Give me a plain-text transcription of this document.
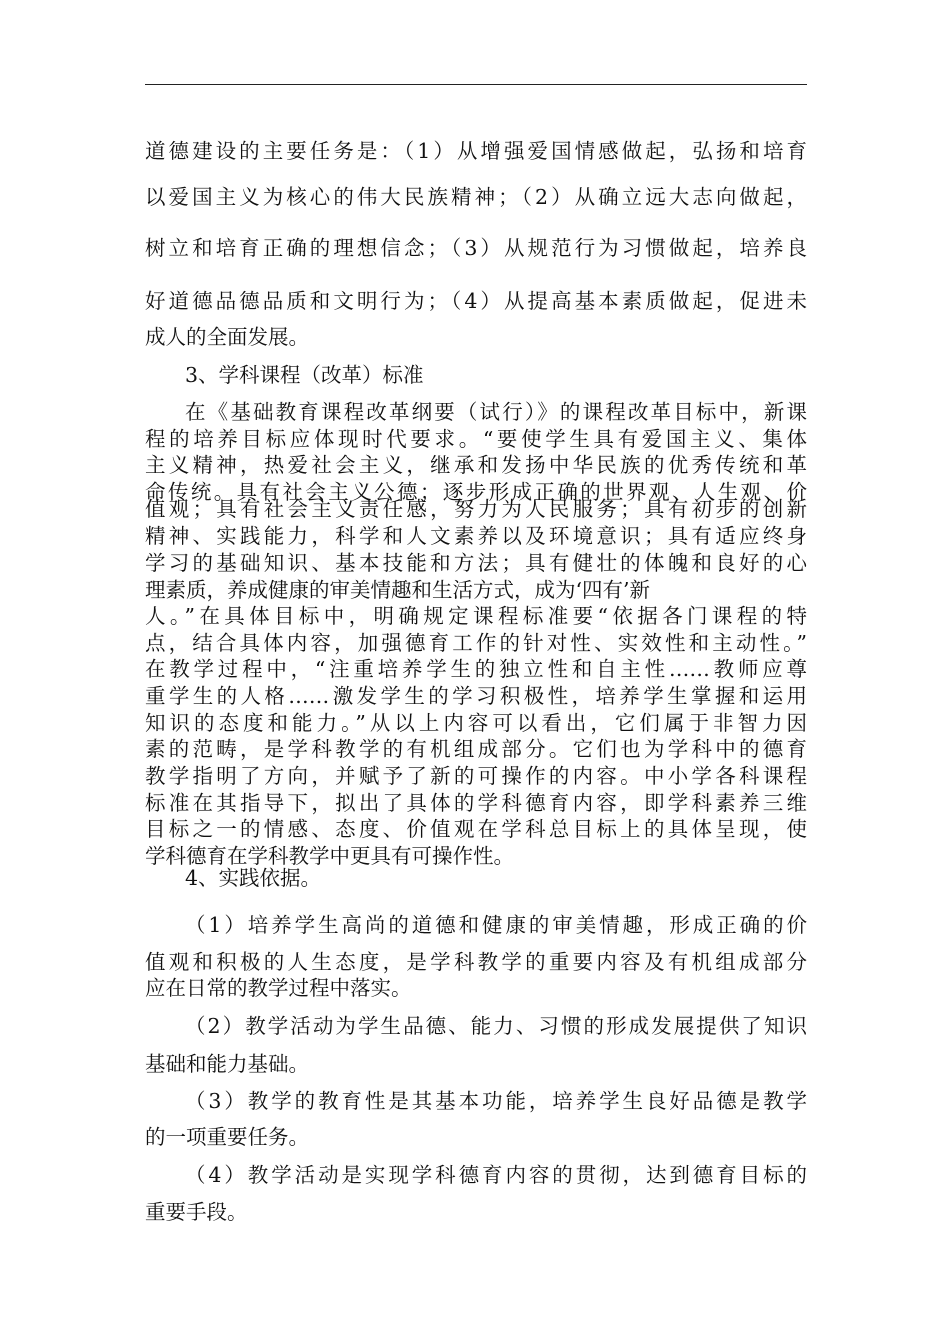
道德建设的主要任务是：（1）从增强爱国情感做起，弘扬和培育
以爱国主义为核心的伟大民族精神；（2）从确立远大志向做起，
树立和培育正确的理想信念；（3）从规范行为习惯做起，培养良
好道德品德品质和文明行为；（4）从提高基本素质做起，促进未
成人的全面发展。
3、学科课程（改革）标准
在《基础教育课程改革纲要（试行）》的课程改革目标中，新课
程的培养目标应体现时代要求。“要使学生具有爱国主义、集体
主义精神，热爱社会主义，继承和发扬中华民族的优秀传统和革
命传统。具有社会主义公德；逐步形成正确的世界观、人生观、价
值观；具有社会主义责任感，努力为人民服务；具有初步的创新
精神、实践能力，科学和人文素养以及环境意识；具有适应终身
学习的基础知识、基本技能和方法；具有健壮的体魄和良好的心
理素质，养成健康的审美情趣和生活方式，成为‘四有’新
人。”在具体目标中，明确规定课程标准要“依据各门课程的特
点，结合具体内容，加强德育工作的针对性、实效性和主动性。”
在教学过程中，“注重培养学生的独立性和自主性……教师应尊
重学生的人格……激发学生的学习积极性，培养学生掌握和运用
知识的态度和能力。”从以上内容可以看出，它们属于非智力因
素的范畴，是学科教学的有机组成部分。它们也为学科中的德育
教学指明了方向，并赋予了新的可操作的内容。中小学各科课程
标准在其指导下，拟出了具体的学科德育内容，即学科素养三维
目标之一的情感、态度、价值观在学科总目标上的具体呈现，使
学科德育在学科教学中更具有可操作性。
4、实践依据。
（1）培养学生高尚的道德和健康的审美情趣，形成正确的价
值观和积极的人生态度，是学科教学的重要内容及有机组成部分
应在日常的教学过程中落实。
（2）教学活动为学生品德、能力、习惯的形成发展提供了知识
基础和能力基础。
（3）教学的教育性是其基本功能，培养学生良好品德是教学
的一项重要任务。
（4）教学活动是实现学科德育内容的贯彻，达到德育目标的
重要手段。
